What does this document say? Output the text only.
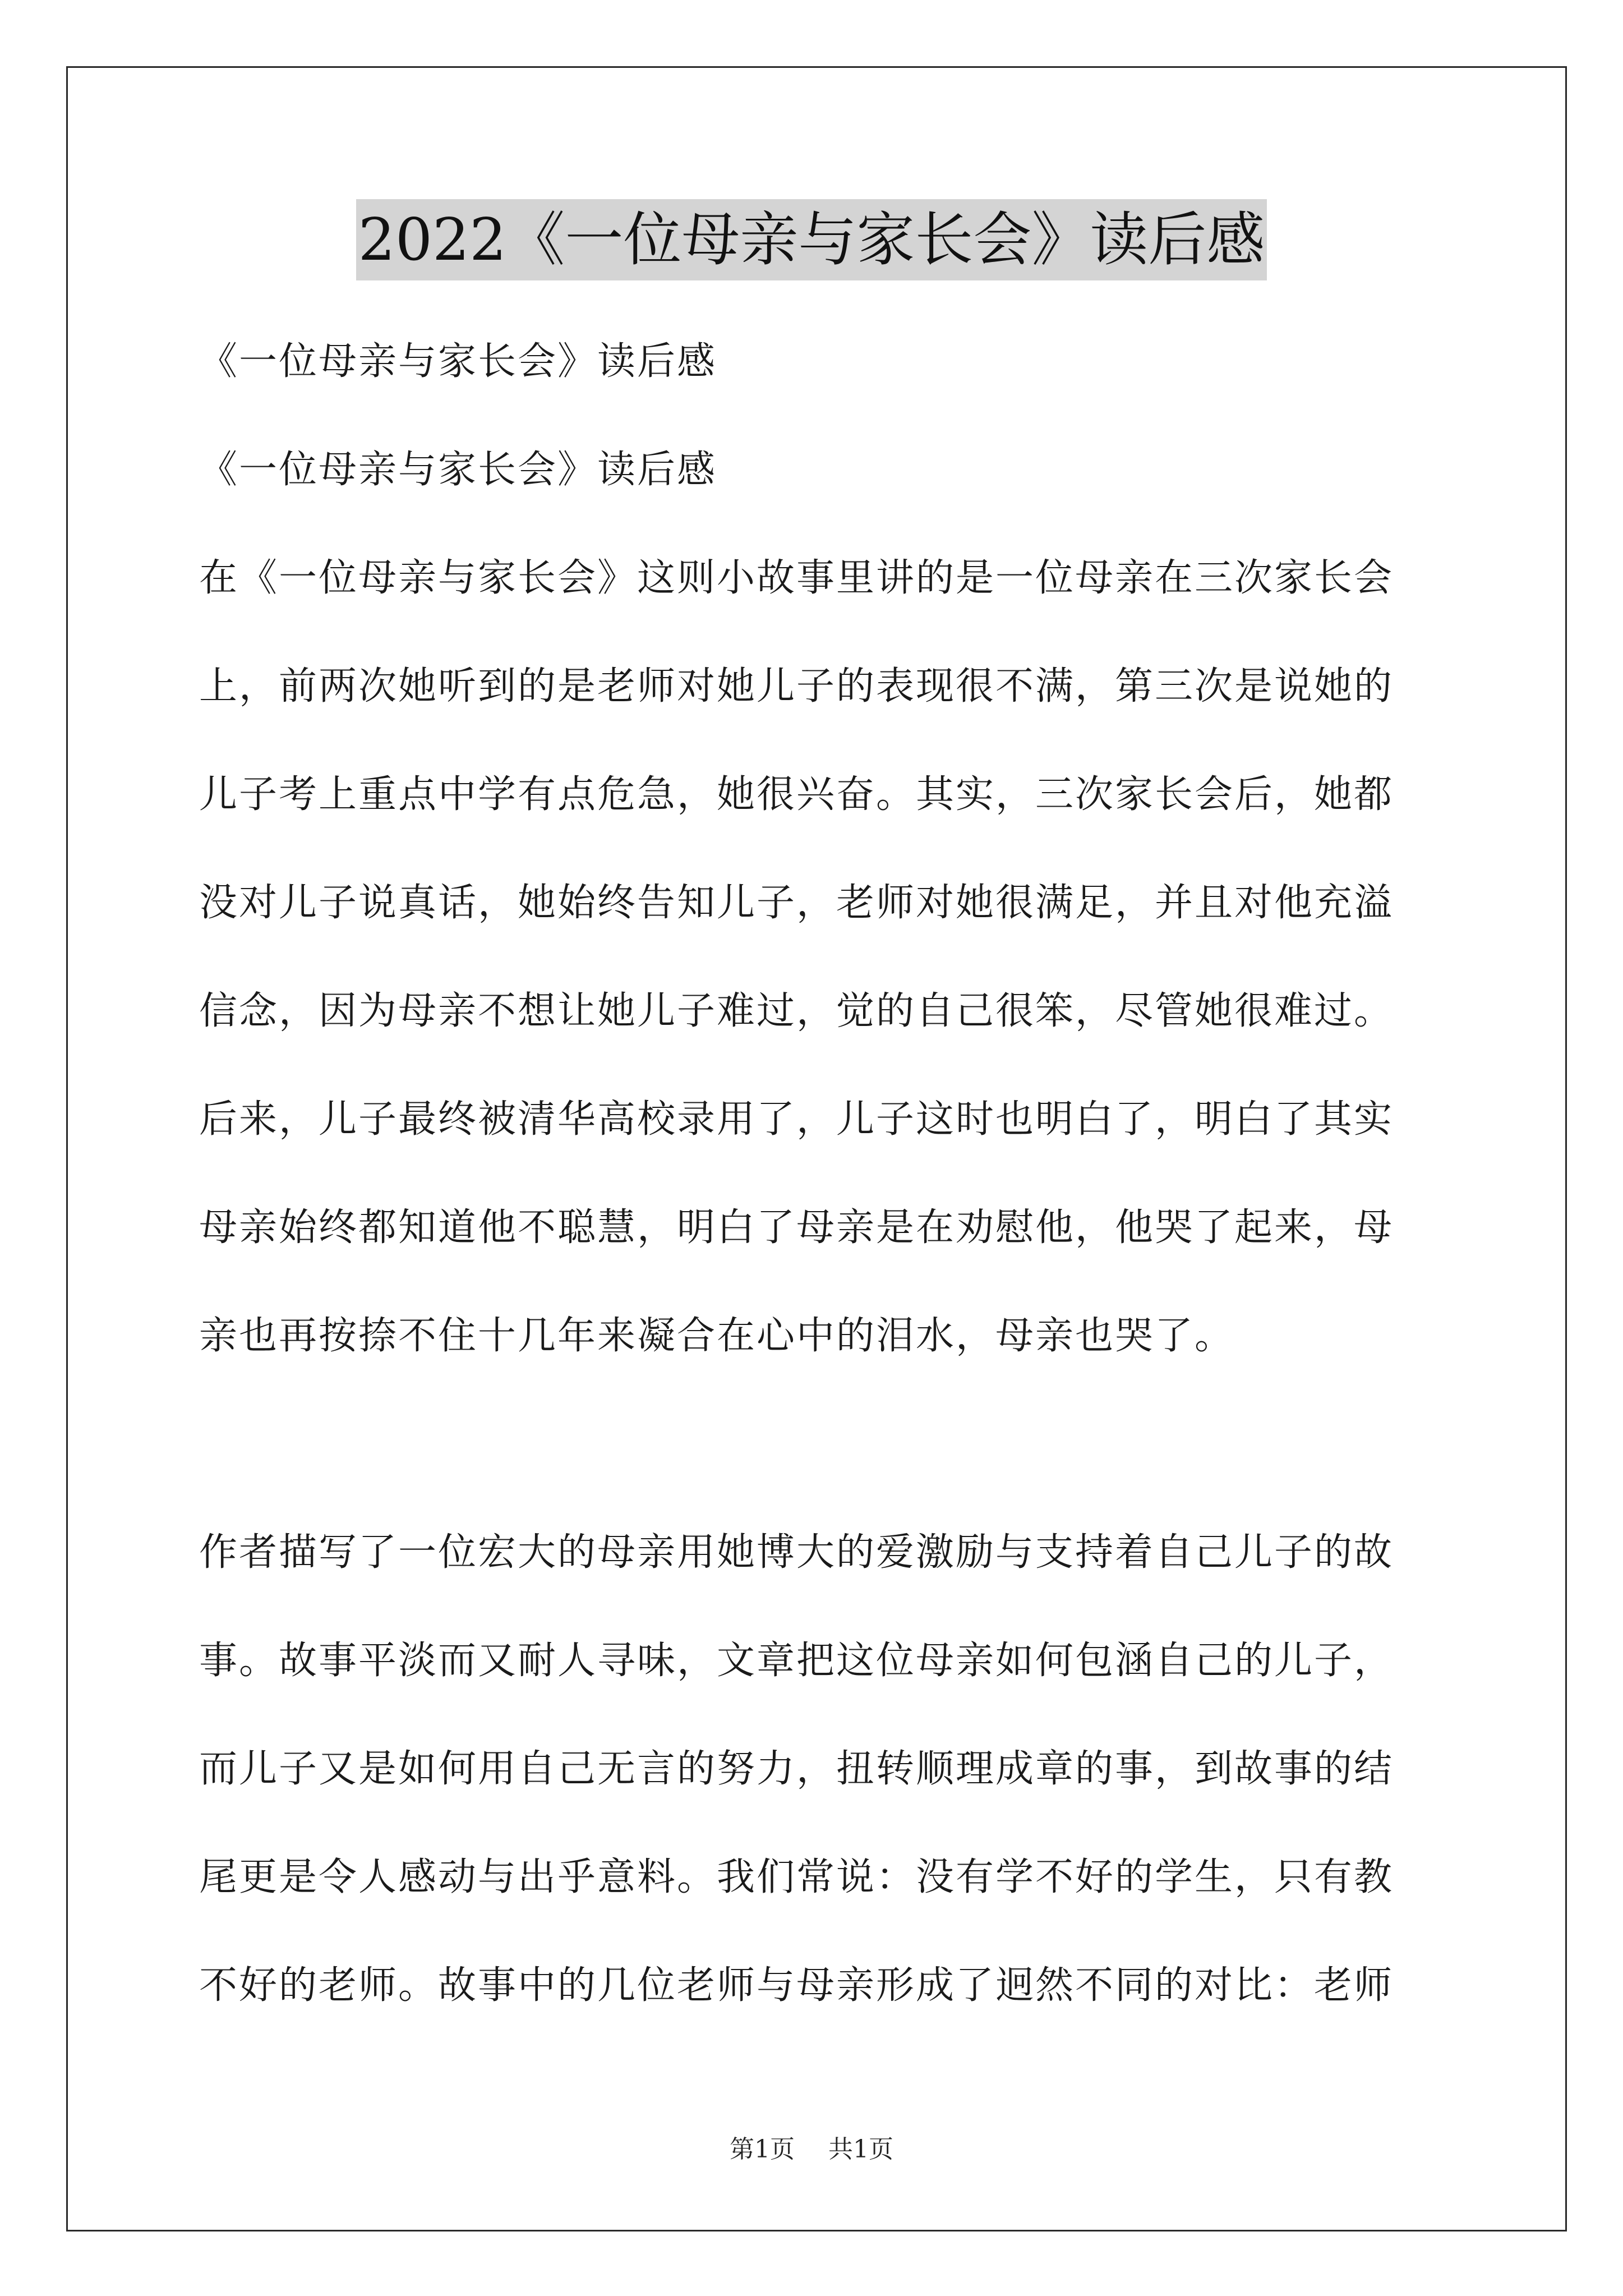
2022《一位母亲与家长会》读后感

《一位母亲与家长会》读后感

《一位母亲与家长会》读后感

在《一位母亲与家长会》这则小故事里讲的是一位母亲在三次家长会上，前两次她听到的是老师对她儿子的表现很不满，第三次是说她的儿子考上重点中学有点危急，她很兴奋。其实，三次家长会后，她都没对儿子说真话，她始终告知儿子，老师对她很满足，并且对他充溢信念，因为母亲不想让她儿子难过，觉的自己很笨，尽管她很难过。后来，儿子最终被清华高校录用了，儿子这时也明白了，明白了其实母亲始终都知道他不聪慧，明白了母亲是在劝慰他，他哭了起来，母亲也再按捺不住十几年来凝合在心中的泪水，母亲也哭了。

作者描写了一位宏大的母亲用她博大的爱激励与支持着自己儿子的故事。故事平淡而又耐人寻味，文章把这位母亲如何包涵自己的儿子，而儿子又是如何用自己无言的努力，扭转顺理成章的事，到故事的结尾更是令人感动与出乎意料。我们常说：没有学不好的学生，只有教不好的老师。故事中的几位老师与母亲形成了迥然不同的对比：老师

第1页 共1页
